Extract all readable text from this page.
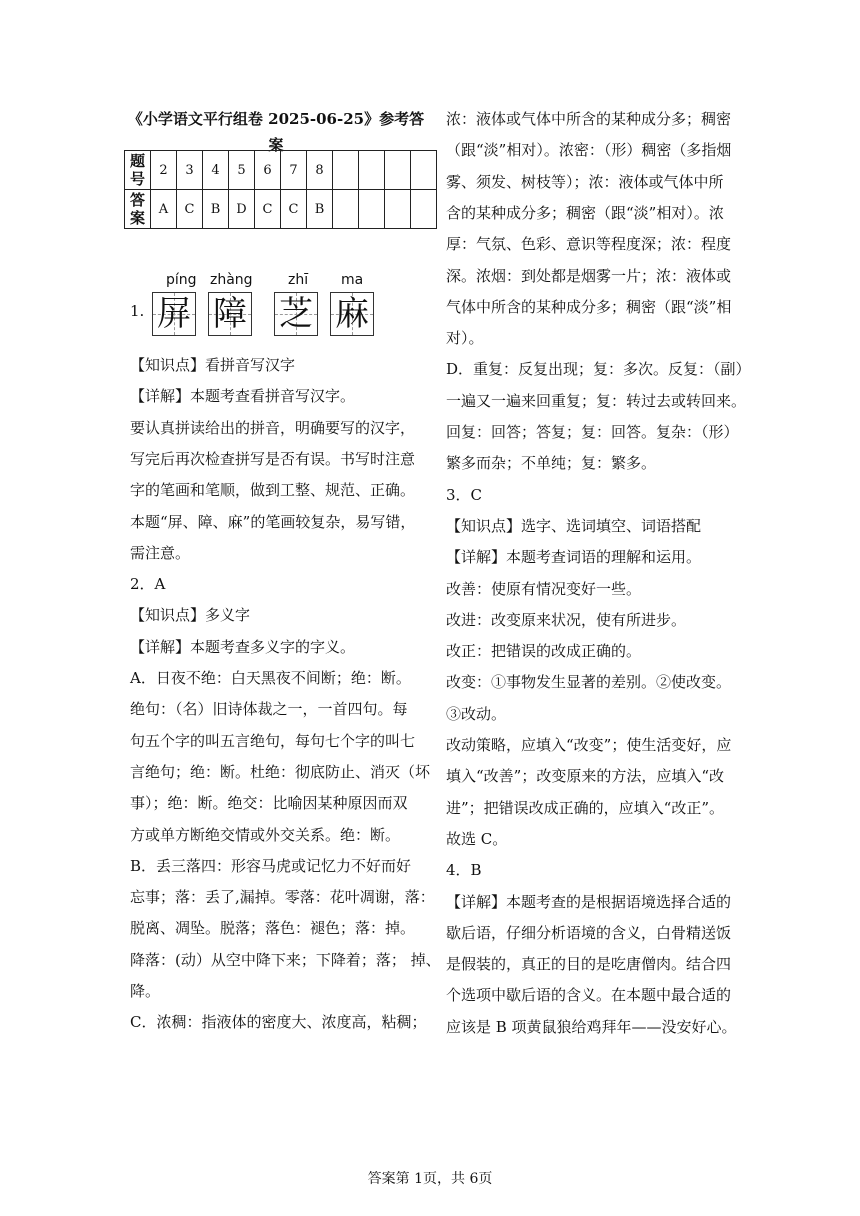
《小学语文平行组卷 2025-06-25》参考答
案
题号	2	3	4	5	6	7	8				
答案	A	C	B	D	C	C	B				
1.
píng zhàng	zhī ma
屏 障 芝 麻
【知识点】看拼音写汉字
【详解】本题考查看拼音写汉字。
要认真拼读给出的拼音，明确要写的汉字，
写完后再次检查拼写是否有误。书写时注意
字的笔画和笔顺，做到工整、规范、正确。
本题“屏、障、麻”的笔画较复杂，易写错，
需注意。
2．A
【知识点】多义字
【详解】本题考查多义字的字义。
A．日夜不绝：白天黑夜不间断；绝：断。
绝句：（名）旧诗体裁之一，一首四句。每
句五个字的叫五言绝句，每句七个字的叫七
言绝句；绝：断。杜绝：彻底防止、消灭（坏
事）；绝：断。绝交：比喻因某种原因而双
方或单方断绝交情或外交关系。绝：断。
B．丢三落四：形容马虎或记忆力不好而好
忘事；落：丢了,漏掉。零落：花叶凋谢，落：
脱离、凋坠。脱落；落色：褪色；落：掉。
降落：(动）从空中降下来；下降着；落； 掉、
降。
C．浓稠：指液体的密度大、浓度高，粘稠；
浓：液体或气体中所含的某种成分多；稠密
（跟“淡”相对）。浓密：（形）稠密（多指烟
雾、须发、树枝等）；浓：液体或气体中所
含的某种成分多；稠密（跟“淡”相对）。浓
厚：气氛、色彩、意识等程度深；浓：程度
深。浓烟：到处都是烟雾一片；浓：液体或
气体中所含的某种成分多；稠密（跟“淡”相
对）。
D．重复：反复出现；复：多次。反复：（副）
一遍又一遍来回重复；复：转过去或转回来。
回复：回答；答复；复：回答。复杂：（形）
繁多而杂；不单纯；复：繁多。
3．C
【知识点】选字、选词填空、词语搭配
【详解】本题考查词语的理解和运用。
改善：使原有情况变好一些。
改进：改变原来状况，使有所进步。
改正：把错误的改成正确的。
改变：①事物发生显著的差别。②使改变。
③改动。
改动策略，应填入“改变”；使生活变好，应
填入“改善”；改变原来的方法，应填入“改
进”；把错误改成正确的，应填入“改正”。
故选 C。
4．B
【详解】本题考查的是根据语境选择合适的
歇后语，仔细分析语境的含义，白骨精送饭
是假装的，真正的目的是吃唐僧肉。结合四
个选项中歇后语的含义。在本题中最合适的
应该是 B 项黄鼠狼给鸡拜年——没安好心。
答案第 1页，共 6页
